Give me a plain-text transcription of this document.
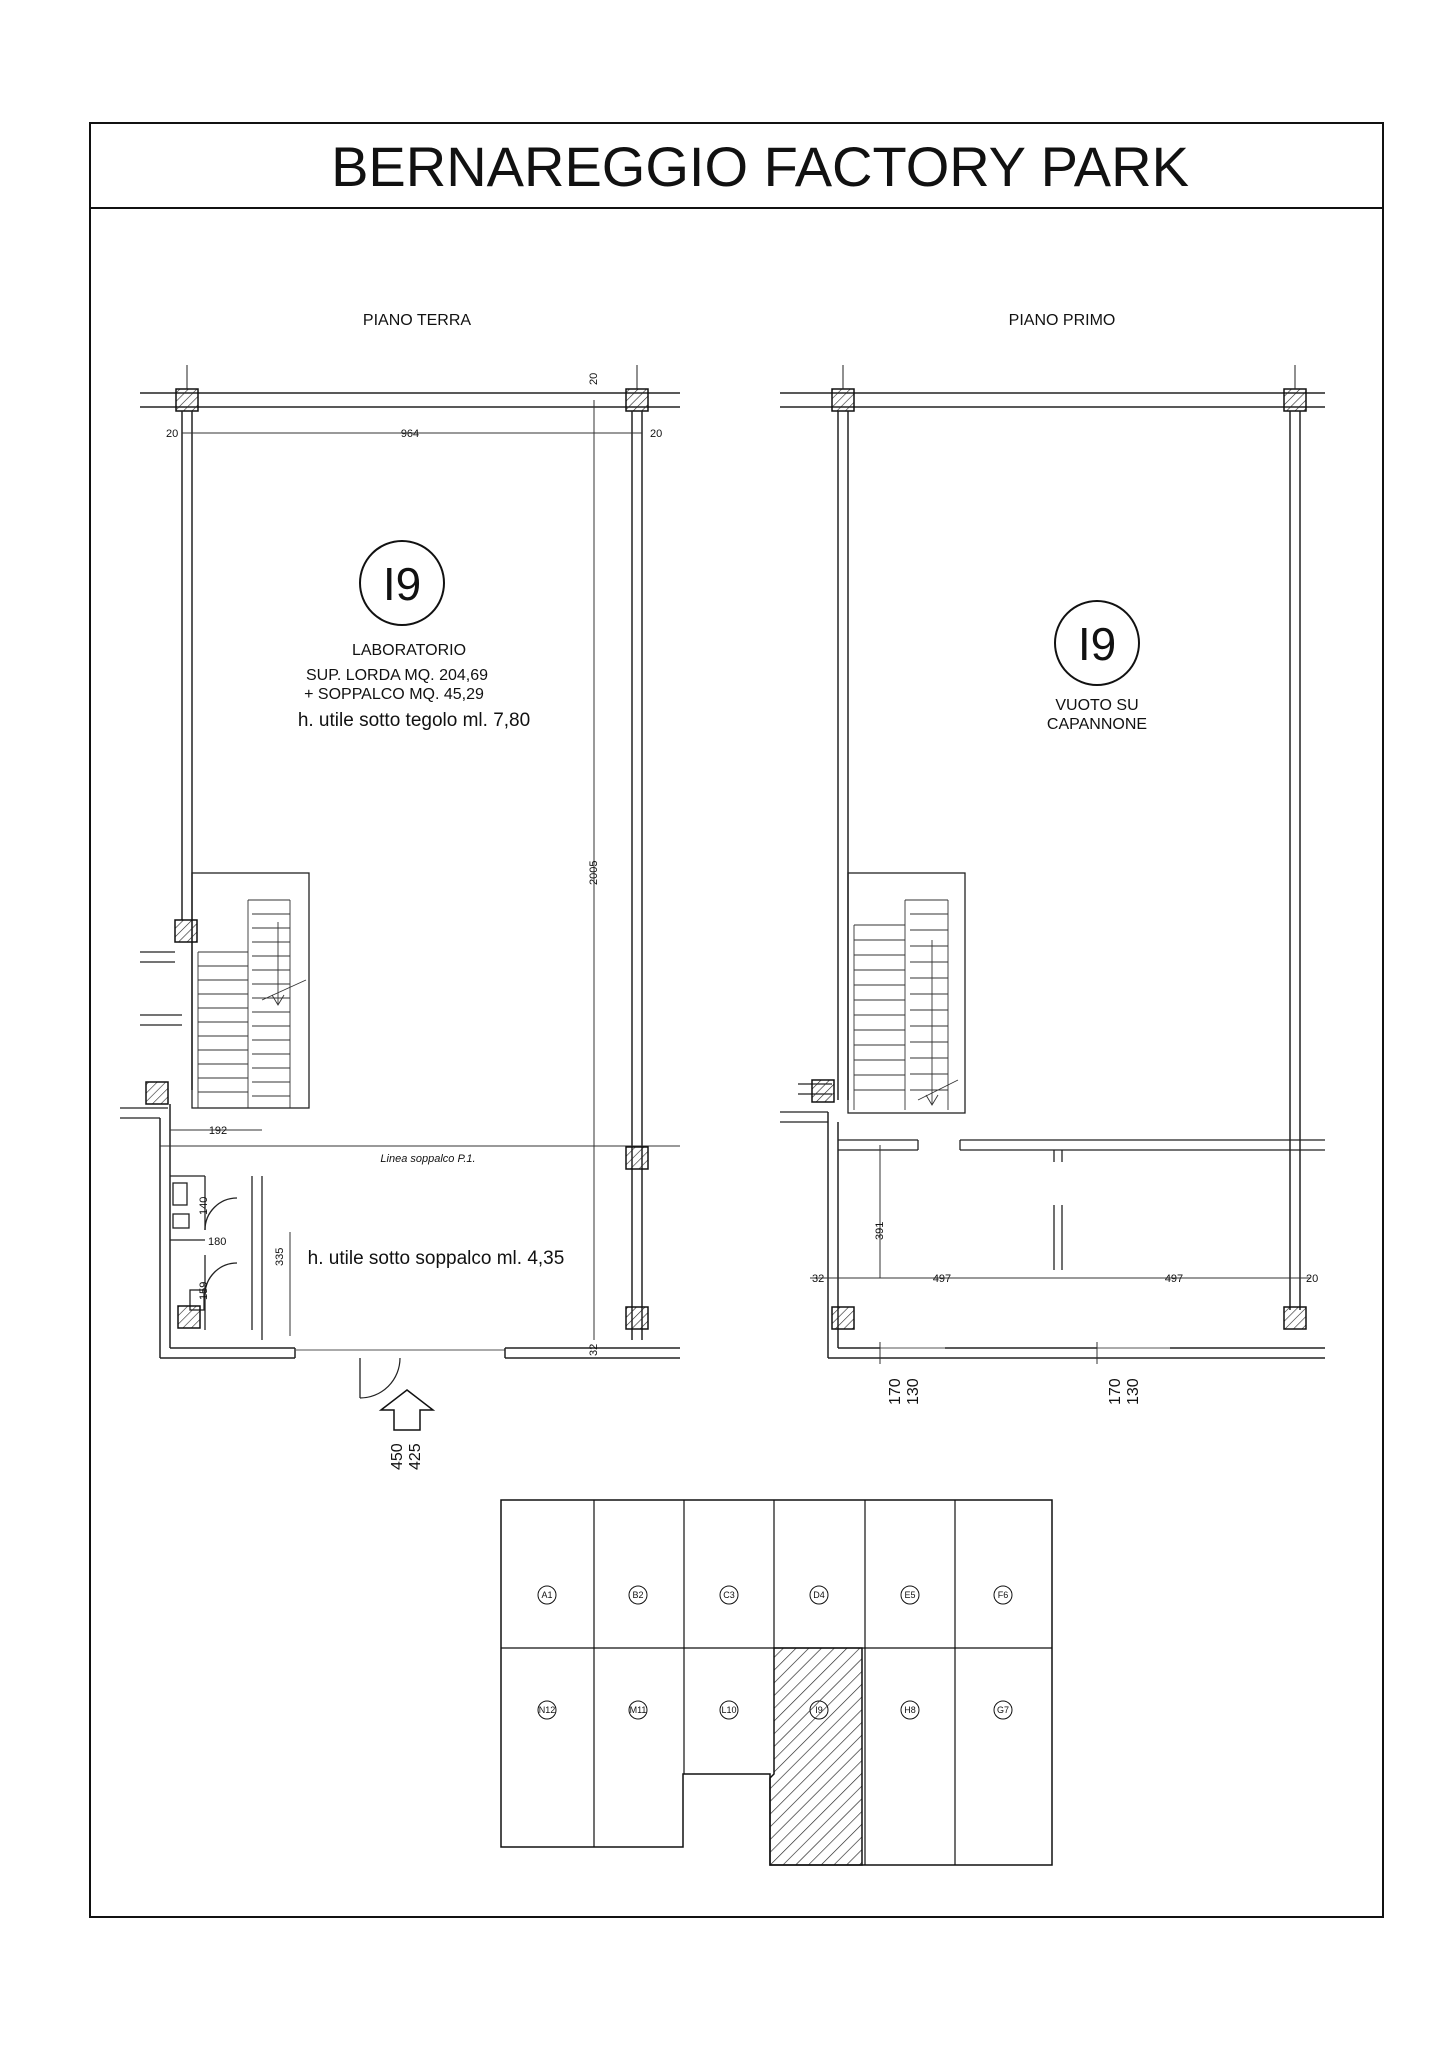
BERNAREGGIO FACTORY PARK
PIANO TERRA
20	964	20
20
2005
I9
LABORATORIO
SUP. LORDA MQ. 204,69
+ SOPPALCO MQ. 45,29
h. utile sotto tegolo ml. 7,80
192
Linea soppalco P.1.
140
180
159
335 h. utile sotto soppalco ml. 4,35
32
450 425
PIANO PRIMO
I9
VUOTO SU
CAPANNONE
391
32	497	497	20
170 130	170 130
A1	B2	C3	D4	E5	F6
N12	M11	L10	I9	H8	G7
